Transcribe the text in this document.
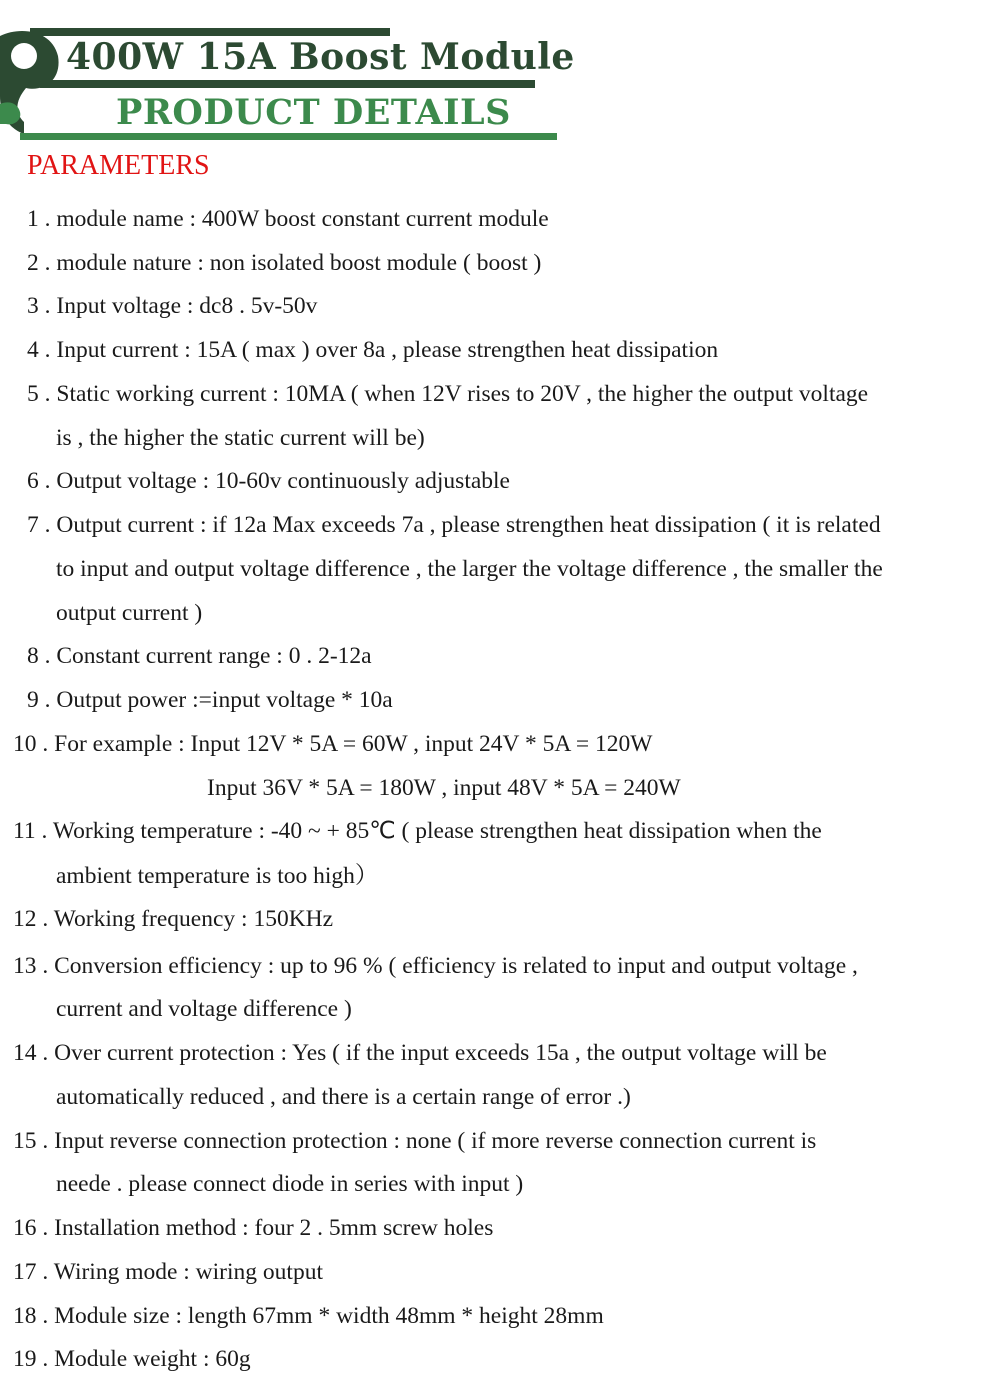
400W 15A Boost Module
PRODUCT DETAILS
PARAMETERS
1 . module name : 400W boost constant current module
2 . module nature : non isolated boost module ( boost )
3 . Input voltage : dc8 . 5v-50v
4 . Input current : 15A ( max ) over 8a , please strengthen heat dissipation
5 . Static working current : 10MA ( when 12V rises to 20V , the higher the output voltage
is , the higher the static current will be)
6 . Output voltage : 10-60v continuously adjustable
7 . Output current : if 12a Max exceeds 7a , please strengthen heat dissipation ( it is related
to input and output voltage difference , the larger the voltage difference , the smaller the
output current )
8 . Constant current range : 0 . 2-12a
9 . Output power :=input voltage * 10a
10 . For example : Input 12V * 5A = 60W , input 24V * 5A = 120W
Input 36V * 5A = 180W , input 48V * 5A = 240W
11 . Working temperature : -40 ~ + 85℃ ( please strengthen heat dissipation when the
ambient temperature is too high）
12 . Working frequency : 150KHz
13 . Conversion efficiency : up to 96 % ( efficiency is related to input and output voltage ,
current and voltage difference )
14 . Over current protection : Yes ( if the input exceeds 15a , the output voltage will be
automatically reduced , and there is a certain range of error .)
15 . Input reverse connection protection : none ( if more reverse connection current is
neede . please connect diode in series with input )
16 . Installation method : four 2 . 5mm screw holes
17 . Wiring mode : wiring output
18 . Module size : length 67mm * width 48mm * height 28mm
19 . Module weight : 60g
